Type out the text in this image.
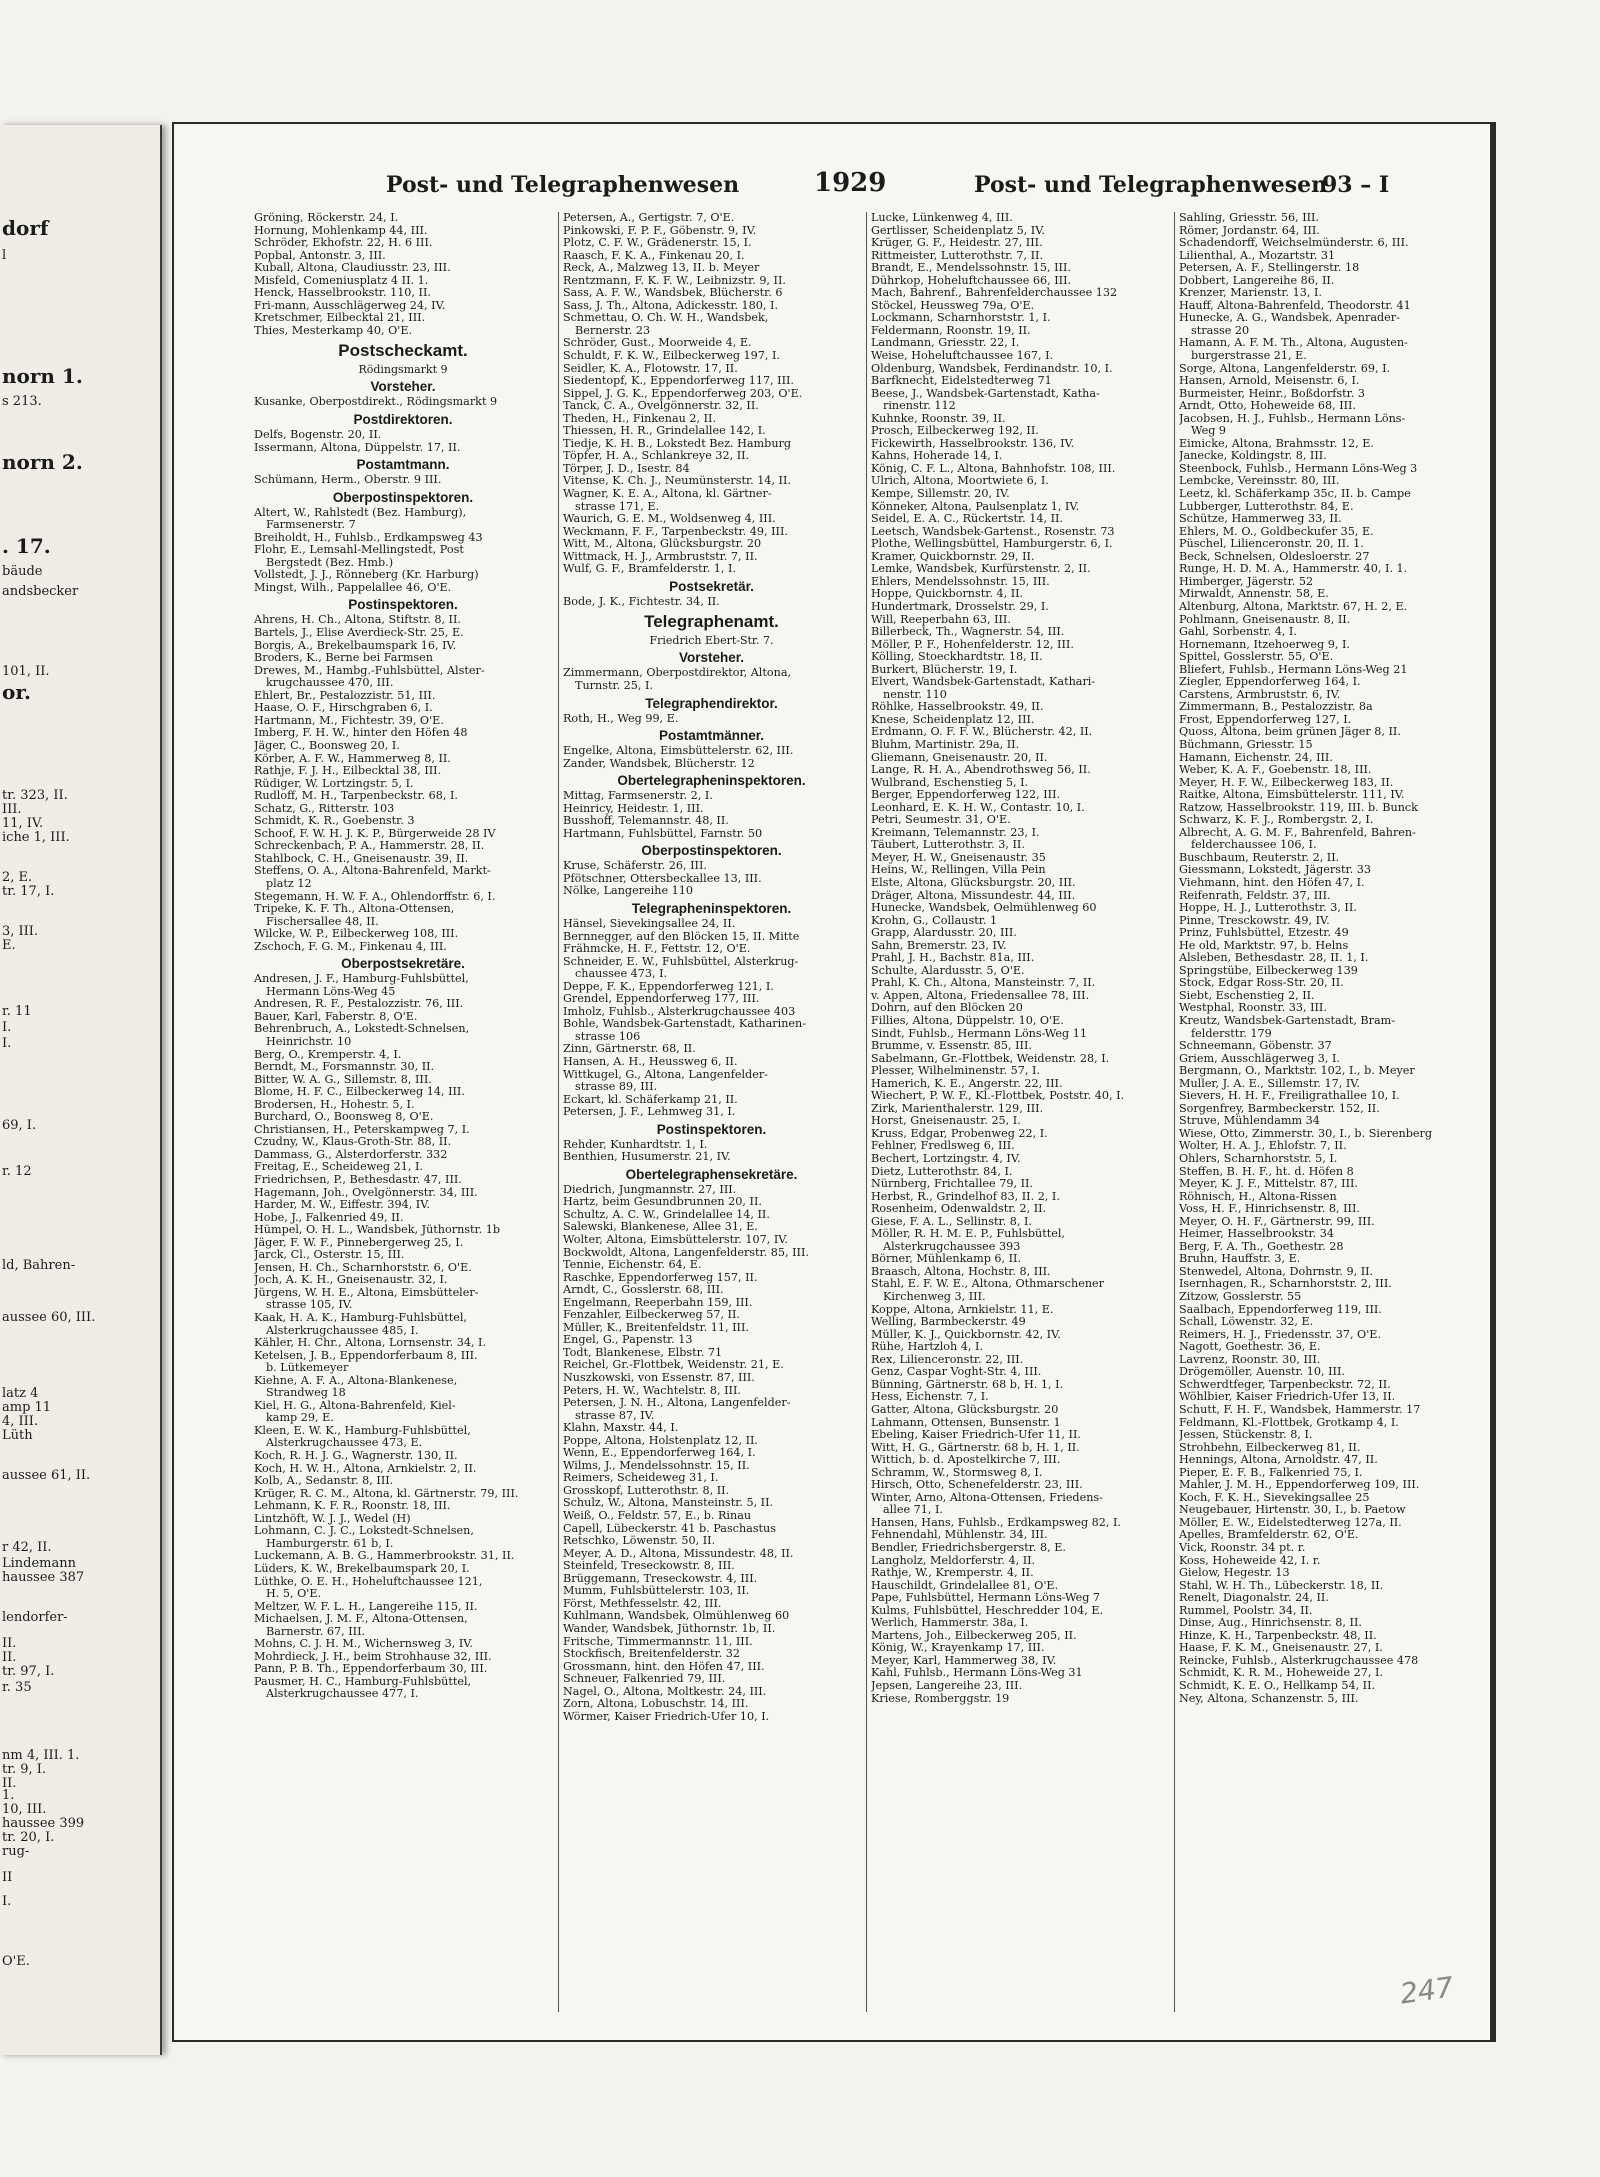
dorf
l
norn 1.
s 213.
norn 2.
. 17.
bäude
andsbecker
101, II.
or.
tr. 323, II.
III.
11, IV.
iche 1, III.
2, E.
tr. 17, I.
3, III.
E.
r. 11
I.
I.
69, I.
r. 12
ld, Bahren-
aussee 60, III.
latz 4
amp 11
4, III.
Lüth
aussee 61, II.
r 42, II.
Lindemann
haussee 387
lendorfer-
II.
II.
tr. 97, I.
r. 35
nm 4, III. 1.
tr. 9, I.
II.
1.
10, III.
haussee 399
tr. 20, I.
rug-
II
I.
O'E.
Post- und Telegraphenwesen	1929	Post- und Telegraphenwesen
93 – I
Gröning, Röckerstr. 24, I.
Hornung, Mohlenkamp 44, III.
Schröder, Ekhofstr. 22, H. 6 III.
Popbal, Antonstr. 3, III.
Kuball, Altona, Claudiusstr. 23, III.
Misfeld, Comeniusplatz 4 II. 1.
Henck, Hasselbrookstr. 110, II.
Fri-mann, Ausschlägerweg 24, IV.
Kretschmer, Eilbecktal 21, III.
Thies, Mesterkamp 40, O'E.
Postscheckamt.
Rödingsmarkt 9
Vorsteher.
Kusanke, Oberpostdirekt., Rödingsmarkt 9
Postdirektoren.
Delfs, Bogenstr. 20, II.
Issermann, Altona, Düppelstr. 17, II.
Postamtmann.
Schümann, Herm., Oberstr. 9 III.
Oberpostinspektoren.
Altert, W., Rahlstedt (Bez. Hamburg),
Farmsenerstr. 7
Breiholdt, H., Fuhlsb., Erdkampsweg 43
Flohr, E., Lemsahl-Mellingstedt, Post
Bergstedt (Bez. Hmb.)
Vollstedt, J. J., Rönneberg (Kr. Harburg)
Mingst, Wilh., Pappelallee 46, O'E.
Postinspektoren.
Ahrens, H. Ch., Altona, Stiftstr. 8, II.
Bartels, J., Elise Averdieck-Str. 25, E.
Borgis, A., Brekelbaumspark 16, IV.
Broders, K., Berne bei Farmsen
Drewes, M., Hambg.-Fuhlsbüttel, Alster-
krugchaussee 470, III.
Ehlert, Br., Pestalozzistr. 51, III.
Haase, O. F., Hirschgraben 6, I.
Hartmann, M., Fichtestr. 39, O'E.
Imberg, F. H. W., hinter den Höfen 48
Jäger, C., Boonsweg 20, I.
Körber, A. F. W., Hammerweg 8, II.
Rathje, F. J. H., Eilbecktal 38, III.
Rüdiger, W. Lortzingstr. 5, I.
Rudloff, M. H., Tarpenbeckstr. 68, I.
Schatz, G., Ritterstr. 103
Schmidt, K. R., Goebenstr. 3
Schoof, F. W. H. J. K. P., Bürgerweide 28 IV
Schreckenbach, P. A., Hammerstr. 28, II.
Stahlbock, C. H., Gneisenaustr. 39, II.
Steffens, O. A., Altona-Bahrenfeld, Markt-
platz 12
Stegemann, H. W. F. A., Ohlendorffstr. 6, I.
Tripeke, K. F. Th., Altona-Ottensen,
Fischersallee 48, II.
Wilcke, W. P., Eilbeckerweg 108, III.
Zschoch, F. G. M., Finkenau 4, III.
Oberpostsekretäre.
Andresen, J. F., Hamburg-Fuhlsbüttel,
Hermann Löns-Weg 45
Andresen, R. F., Pestalozzistr. 76, III.
Bauer, Karl, Faberstr. 8, O'E.
Behrenbruch, A., Lokstedt-Schnelsen,
Heinrichstr. 10
Berg, O., Kremperstr. 4, I.
Berndt, M., Forsmannstr. 30, II.
Bitter, W. A. G., Sillemstr. 8, III.
Blome, H. F. C., Eilbeckerweg 14, III.
Brodersen, H., Hohestr. 5, I.
Burchard, O., Boonsweg 8, O'E.
Christiansen, H., Peterskampweg 7, I.
Czudny, W., Klaus-Groth-Str. 88, II.
Dammass, G., Alsterdorferstr. 332
Freitag, E., Scheideweg 21, I.
Friedrichsen, P., Bethesdastr. 47, III.
Hagemann, Joh., Övelgönnerstr. 34, III.
Harder, M. W., Eiffestr. 394, IV.
Hobe, J., Falkenried 49, II.
Hümpel, O. H. L., Wandsbek, Jüthornstr. 1b
Jäger, F. W. F., Pinnebergerweg 25, I.
Jarck, Cl., Osterstr. 15, III.
Jensen, H. Ch., Scharnhorststr. 6, O'E.
Joch, A. K. H., Gneisenaustr. 32, I.
Jürgens, W. H. E., Altona, Eimsbütteler-
strasse 105, IV.
Kaak, H. A. K., Hamburg-Fuhlsbüttel,
Alsterkrugchaussee 485, I.
Kähler, H. Chr., Altona, Lornsenstr. 34, I.
Ketelsen, J. B., Eppendorferbaum 8, III.
b. Lütkemeyer
Kiehne, A. F. A., Altona-Blankenese,
Strandweg 18
Kiel, H. G., Altona-Bahrenfeld, Kiel-
kamp 29, E.
Kleen, E. W. K., Hamburg-Fuhlsbüttel,
Alsterkrugchaussee 473, E.
Koch, R. H. J. G., Wagnerstr. 130, II.
Koch, H. W. H., Altona, Arnkielstr. 2, II.
Kolb, A., Sedanstr. 8, III.
Krüger, R. C. M., Altona, kl. Gärtnerstr. 79, III.
Lehmann, K. F. R., Roonstr. 18, III.
Lintzhöft, W. J. J., Wedel (H)
Lohmann, C. J. C., Lokstedt-Schnelsen,
Hamburgerstr. 61 b, I.
Luckemann, A. B. G., Hammerbrookstr. 31, II.
Lüders, K. W., Brekelbaumspark 20, I.
Lüthke, O. E. H., Hoheluftchaussee 121,
H. 5, O'E.
Meltzer, W. F. L. H., Langereihe 115, II.
Michaelsen, J. M. F., Altona-Ottensen,
Barnerstr. 67, III.
Mohns, C. J. H. M., Wichernsweg 3, IV.
Mohrdieck, J. H., beim Strohhause 32, III.
Pann, P. B. Th., Eppendorferbaum 30, III.
Pausmer, H. C., Hamburg-Fuhlsbüttel,
Alsterkrugchaussee 477, I.
Petersen, A., Gertigstr. 7, O'E.
Pinkowski, F. P. F., Göbenstr. 9, IV.
Plotz, C. F. W., Grädenerstr. 15, I.
Raasch, F. K. A., Finkenau 20, I.
Reck, A., Malzweg 13, II. b. Meyer
Rentzmann, F. K. F. W., Leibnizstr. 9, II.
Sass, A. F. W., Wandsbek, Blücherstr. 6
Sass, J. Th., Altona, Adickesstr. 180, I.
Schmettau, O. Ch. W. H., Wandsbek,
Bernerstr. 23
Schröder, Gust., Moorweide 4, E.
Schuldt, F. K. W., Eilbeckerweg 197, I.
Seidler, K. A., Flotowstr. 17, II.
Siedentopf, K., Eppendorferweg 117, III.
Sippel, J. G. K., Eppendorferweg 203, O'E.
Tanck, C. A., Övelgönnerstr. 32, II.
Theden, H., Finkenau 2, II.
Thiessen, H. R., Grindelallee 142, I.
Tiedje, K. H. B., Lokstedt Bez. Hamburg
Töpfer, H. A., Schlankreye 32, II.
Törper, J. D., Isestr. 84
Vitense, K. Ch. J., Neumünsterstr. 14, II.
Wagner, K. E. A., Altona, kl. Gärtner-
strasse 171, E.
Waurich, G. E. M., Woldsenweg 4, III.
Weckmann, F. F., Tarpenbeckstr. 49, III.
Witt, M., Altona, Glücksburgstr. 20
Wittmack, H. J., Armbruststr. 7, II.
Wulf, G. F., Bramfelderstr. 1, I.
Postsekretär.
Bode, J. K., Fichtestr. 34, II.
Telegraphenamt.
Friedrich Ebert-Str. 7.
Vorsteher.
Zimmermann, Oberpostdirektor, Altona,
Turnstr. 25, I.
Telegraphendirektor.
Roth, H., Weg 99, E.
Postamtmänner.
Engelke, Altona, Eimsbüttelerstr. 62, III.
Zander, Wandsbek, Blücherstr. 12
Obertelegrapheninspektoren.
Mittag, Farmsenerstr. 2, I.
Heinricy, Heidestr. 1, III.
Busshoff, Telemannstr. 48, II.
Hartmann, Fuhlsbüttel, Farnstr. 50
Oberpostinspektoren.
Kruse, Schäferstr. 26, III.
Pfötschner, Ottersbeckallee 13, III.
Nölke, Langereihe 110
Telegrapheninspektoren.
Hänsel, Sievekingsallee 24, II.
Bernnegger, auf den Blöcken 15, II. Mitte
Frähmcke, H. F., Fettstr. 12, O'E.
Schneider, E. W., Fuhlsbüttel, Alsterkrug-
chaussee 473, I.
Deppe, F. K., Eppendorferweg 121, I.
Grendel, Eppendorferweg 177, III.
Imholz, Fuhlsb., Alsterkrugchaussee 403
Bohle, Wandsbek-Gartenstadt, Katharinen-
strasse 106
Zinn, Gärtnerstr. 68, II.
Hansen, A. H., Heussweg 6, II.
Wittkugel, G., Altona, Langenfelder-
strasse 89, III.
Eckart, kl. Schäferkamp 21, II.
Petersen, J. F., Lehmweg 31, I.
Postinspektoren.
Rehder, Kunhardtstr. 1, I.
Benthien, Husumerstr. 21, IV.
Obertelegraphensekretäre.
Diedrich, Jungmannstr. 27, III.
Hartz, beim Gesundbrunnen 20, II.
Schultz, A. C. W., Grindelallee 14, II.
Salewski, Blankenese, Allee 31, E.
Wolter, Altona, Eimsbüttelerstr. 107, IV.
Bockwoldt, Altona, Langenfelderstr. 85, III.
Tennie, Eichenstr. 64, E.
Raschke, Eppendorferweg 157, II.
Arndt, C., Gosslerstr. 68, III.
Engelmann, Reeperbahn 159, III.
Fenzahler, Eilbeckerweg 57, II.
Müller, K., Breitenfeldstr. 11, III.
Engel, G., Papenstr. 13
Todt, Blankenese, Elbstr. 71
Reichel, Gr.-Flottbek, Weidenstr. 21, E.
Nuszkowski, von Essenstr. 87, III.
Peters, H. W., Wachtelstr. 8, III.
Petersen, J. N. H., Altona, Langenfelder-
strasse 87, IV.
Klahn, Maxstr. 44, I.
Poppe, Altona, Holstenplatz 12, II.
Wenn, E., Eppendorferweg 164, I.
Wilms, J., Mendelssohnstr. 15, II.
Reimers, Scheideweg 31, I.
Grosskopf, Lutterothstr. 8, II.
Schulz, W., Altona, Mansteinstr. 5, II.
Weiß, O., Feldstr. 57, E., b. Rinau
Capell, Lübeckerstr. 41 b. Paschastus
Retschko, Löwenstr. 50, II.
Meyer, A. D., Altona, Missundestr. 48, II.
Steinfeld, Treseckowstr. 8, III.
Brüggemann, Treseckowstr. 4, III.
Mumm, Fuhlsbüttelerstr. 103, II.
Först, Methfesselstr. 42, III.
Kuhlmann, Wandsbek, Olmühlenweg 60
Wander, Wandsbek, Jüthornstr. 1b, II.
Fritsche, Timmermannstr. 11, III.
Stockfisch, Breitenfelderstr. 32
Grossmann, hint. den Höfen 47, III.
Schneuer, Falkenried 79, III.
Nagel, O., Altona, Moltkestr. 24, III.
Zorn, Altona, Lobuschstr. 14, III.
Wörmer, Kaiser Friedrich-Ufer 10, I.
Lucke, Lünkenweg 4, III.
Gertlisser, Scheidenplatz 5, IV.
Krüger, G. F., Heidestr. 27, III.
Rittmeister, Lutterothstr. 7, II.
Brandt, E., Mendelssohnstr. 15, III.
Dührkop, Hoheluftchaussee 66, III.
Mach, Bahrenf., Bahrenfelderchaussee 132
Stöckel, Heussweg 79a, O'E.
Lockmann, Scharnhorststr. 1, I.
Feldermann, Roonstr. 19, II.
Landmann, Griesstr. 22, I.
Weise, Hoheluftchaussee 167, I.
Oldenburg, Wandsbek, Ferdinandstr. 10, I.
Barfknecht, Eidelstedterweg 71
Beese, J., Wandsbek-Gartenstadt, Katha-
rinenstr. 112
Kuhnke, Roonstr. 39, II.
Prosch, Eilbeckerweg 192, II.
Fickewirth, Hasselbrookstr. 136, IV.
Kahns, Hoherade 14, I.
König, C. F. L., Altona, Bahnhofstr. 108, III.
Ulrich, Altona, Moortwiete 6, I.
Kempe, Sillemstr. 20, IV.
Könneker, Altona, Paulsenplatz 1, IV.
Seidel, E. A. C., Rückertstr. 14, II.
Leetsch, Wandsbek-Gartenst., Rosenstr. 73
Plothe, Wellingsbüttel, Hamburgerstr. 6, I.
Kramer, Quickbornstr. 29, II.
Lemke, Wandsbek, Kurfürstenstr. 2, II.
Ehlers, Mendelssohnstr. 15, III.
Hoppe, Quickbornstr. 4, II.
Hundertmark, Drosselstr. 29, I.
Will, Reeperbahn 63, III.
Billerbeck, Th., Wagnerstr. 54, III.
Möller, P. F., Hohenfelderstr. 12, III.
Kölling, Stoeckhardtstr. 18, II.
Burkert, Blücherstr. 19, I.
Elvert, Wandsbek-Gartenstadt, Kathari-
nenstr. 110
Röhlke, Hasselbrookstr. 49, II.
Knese, Scheidenplatz 12, III.
Erdmann, O. F. F. W., Blücherstr. 42, II.
Bluhm, Martinistr. 29a, II.
Gliemann, Gneisenaustr. 20, II.
Lange, R. H. A., Abendrothsweg 56, II.
Wulbrand, Eschenstieg 5, I.
Berger, Eppendorferweg 122, III.
Leonhard, E. K. H. W., Contastr. 10, I.
Petri, Seumestr. 31, O'E.
Kreimann, Telemannstr. 23, I.
Täubert, Lutterothstr. 3, II.
Meyer, H. W., Gneisenaustr. 35
Heins, W., Rellingen, Villa Pein
Elste, Altona, Glücksburgstr. 20, III.
Dräger, Altona, Missundestr. 44, III.
Hunecke, Wandsbek, Oelmühlenweg 60
Krohn, G., Collaustr. 1
Grapp, Alardusstr. 20, III.
Sahn, Bremerstr. 23, IV.
Prahl, J. H., Bachstr. 81a, III.
Schulte, Alardusstr. 5, O'E.
Prahl, K. Ch., Altona, Mansteinstr. 7, II.
v. Appen, Altona, Friedensallee 78, III.
Dohrn, auf den Blöcken 20
Fillies, Altona, Düppelstr. 10, O'E.
Sindt, Fuhlsb., Hermann Löns-Weg 11
Brumme, v. Essenstr. 85, III.
Sabelmann, Gr.-Flottbek, Weidenstr. 28, I.
Plesser, Wilhelminenstr. 57, I.
Hamerich, K. E., Angerstr. 22, III.
Wiechert, P. W. F., Kl.-Flottbek, Poststr. 40, I.
Zirk, Marienthalerstr. 129, III.
Horst, Gneisenaustr. 25, I.
Kruss, Edgar, Probenweg 22, I.
Fehlner, Fredlsweg 6, III.
Bechert, Lortzingstr. 4, IV.
Dietz, Lutterothstr. 84, I.
Nürnberg, Frichtallee 79, II.
Herbst, R., Grindelhof 83, II. 2, I.
Rosenheim, Odenwaldstr. 2, II.
Giese, F. A. L., Sellinstr. 8, I.
Möller, R. H. M. E. P., Fuhlsbüttel,
Alsterkrugchaussee 393
Börner, Mühlenkamp 6, II.
Braasch, Altona, Hochstr. 8, III.
Stahl, E. F. W. E., Altona, Othmarschener
Kirchenweg 3, III.
Koppe, Altona, Arnkielstr. 11, E.
Welling, Barmbeckerstr. 49
Müller, K. J., Quickbornstr. 42, IV.
Rühe, Hartzloh 4, I.
Rex, Lilienceronstr. 22, III.
Genz, Caspar Voght-Str. 4, III.
Bünning, Gärtnerstr. 68 b, H. 1, I.
Hess, Eichenstr. 7, I.
Gatter, Altona, Glücksburgstr. 20
Lahmann, Ottensen, Bunsenstr. 1
Ebeling, Kaiser Friedrich-Ufer 11, II.
Witt, H. G., Gärtnerstr. 68 b, H. 1, II.
Wittich, b. d. Apostelkirche 7, III.
Schramm, W., Stormsweg 8, I.
Hirsch, Otto, Schenefelderstr. 23, III.
Winter, Arno, Altona-Ottensen, Friedens-
allee 71, I.
Hansen, Hans, Fuhlsb., Erdkampsweg 82, I.
Fehnendahl, Mühlenstr. 34, III.
Bendler, Friedrichsbergerstr. 8, E.
Langholz, Meldorferstr. 4, II.
Rathje, W., Kremperstr. 4, II.
Hauschildt, Grindelallee 81, O'E.
Pape, Fuhlsbüttel, Hermann Löns-Weg 7
Kulms, Fuhlsbüttel, Heschredder 104, E.
Werlich, Hammerstr. 38a, I.
Martens, Joh., Eilbeckerweg 205, II.
König, W., Krayenkamp 17, III.
Meyer, Karl, Hammerweg 38, IV.
Kahl, Fuhlsb., Hermann Löns-Weg 31
Jepsen, Langereihe 23, III.
Kriese, Romberggstr. 19
Sahling, Griesstr. 56, III.
Römer, Jordanstr. 64, III.
Schadendorff, Weichselmünderstr. 6, III.
Lilienthal, A., Mozartstr. 31
Petersen, A. F., Stellingerstr. 18
Dobbert, Langereihe 86, II.
Krenzer, Marienstr. 13, I.
Hauff, Altona-Bahrenfeld, Theodorstr. 41
Hunecke, A. G., Wandsbek, Apenrader-
strasse 20
Hamann, A. F. M. Th., Altona, Augusten-
burgerstrasse 21, E.
Sorge, Altona, Langenfelderstr. 69, I.
Hansen, Arnold, Meisenstr. 6, I.
Burmeister, Heinr., Boßdorfstr. 3
Arndt, Otto, Hoheweide 68, III.
Jacobsen, H. J., Fuhlsb., Hermann Löns-
Weg 9
Eimicke, Altona, Brahmsstr. 12, E.
Janecke, Koldingstr. 8, III.
Steenbock, Fuhlsb., Hermann Löns-Weg 3
Lembcke, Vereinsstr. 80, III.
Leetz, kl. Schäferkamp 35c, II. b. Campe
Lubberger, Lutterothstr. 84, E.
Schütze, Hammerweg 33, II.
Ehlers, M. O., Goldbeckufer 35, E.
Püschel, Lilienceronstr. 20, II. 1.
Beck, Schnelsen, Oldesloerstr. 27
Runge, H. D. M. A., Hammerstr. 40, I. 1.
Himberger, Jägerstr. 52
Mirwaldt, Annenstr. 58, E.
Altenburg, Altona, Marktstr. 67, H. 2, E.
Pohlmann, Gneisenaustr. 8, II.
Gahl, Sorbenstr. 4, I.
Hornemann, Itzehoerweg 9, I.
Spittel, Gosslerstr. 55, O'E.
Bliefert, Fuhlsb., Hermann Löns-Weg 21
Ziegler, Eppendorferweg 164, I.
Carstens, Armbruststr. 6, IV.
Zimmermann, B., Pestalozzistr. 8a
Frost, Eppendorferweg 127, I.
Quoss, Altona, beim grünen Jäger 8, II.
Büchmann, Griesstr. 15
Hamann, Eichenstr. 24, III.
Weber, K. A. F., Goebenstr. 18, III.
Meyer, H. F. W., Eilbeckerweg 183, II.
Raitke, Altona, Eimsbüttelerstr. 111, IV.
Ratzow, Hasselbrookstr. 119, III. b. Bunck
Schwarz, K. F. J., Rombergstr. 2, I.
Albrecht, A. G. M. F., Bahrenfeld, Bahren-
felderchaussee 106, I.
Buschbaum, Reuterstr. 2, II.
Giessmann, Lokstedt, Jägerstr. 33
Viehmann, hint. den Höfen 47, I.
Reifenrath, Feldstr. 37, III.
Hoppe, H. J., Lutterothstr. 3, II.
Pinne, Tresckowstr. 49, IV.
Prinz, Fuhlsbüttel, Etzestr. 49
He old, Marktstr. 97, b. Helns
Alsleben, Bethesdastr. 28, II. 1, I.
Springstübe, Eilbeckerweg 139
Stock, Edgar Ross-Str. 20, II.
Siebt, Eschenstieg 2, II.
Westphal, Roonstr. 33, III.
Kreutz, Wandsbek-Gartenstadt, Bram-
feldersttr. 179
Schneemann, Göbenstr. 37
Griem, Ausschlägerweg 3, I.
Bergmann, O., Marktstr. 102, I., b. Meyer
Muller, J. A. E., Sillemstr. 17, IV.
Sievers, H. H. F., Freiligrathallee 10, I.
Sorgenfrey, Barmbeckerstr. 152, II.
Struve, Mühlendamm 34
Wiese, Otto, Zimmerstr. 30, I., b. Sierenberg
Wolter, H. A. J., Ehlofstr. 7, II.
Öhlers, Scharnhorststr. 5, I.
Steffen, B. H. F., ht. d. Höfen 8
Meyer, K. J. F., Mittelstr. 87, III.
Röhnisch, H., Altona-Rissen
Voss, H. F., Hinrichsenstr. 8, III.
Meyer, O. H. F., Gärtnerstr. 99, III.
Heimer, Hasselbrookstr. 34
Berg, F. A. Th., Goethestr. 28
Bruhn, Hauffstr. 3, E.
Stenwedel, Altona, Dohrnstr. 9, II.
Isernhagen, R., Scharnhorststr. 2, III.
Zitzow, Gosslerstr. 55
Saalbach, Eppendorferweg 119, III.
Schall, Löwenstr. 32, E.
Reimers, H. J., Friedensstr. 37, O'E.
Nagott, Goethestr. 36, E.
Lavrenz, Roonstr. 30, III.
Drögemöller, Auenstr. 10, III.
Schwerdtfeger, Tarpenbeckstr. 72, II.
Wöhlbier, Kaiser Friedrich-Ufer 13, II.
Schutt, F. H. F., Wandsbek, Hammerstr. 17
Feldmann, Kl.-Flottbek, Grotkamp 4, I.
Jessen, Stückenstr. 8, I.
Strohbehn, Eilbeckerweg 81, II.
Hennings, Altona, Arnoldstr. 47, II.
Pieper, E. F. B., Falkenried 75, I.
Mahler, J. M. H., Eppendorferweg 109, III.
Koch, F. K. H., Sievekingsallee 25
Neugebauer, Hirtenstr. 30, I., b. Paetow
Möller, E. W., Eidelstedterweg 127a, II.
Apelles, Bramfelderstr. 62, O'E.
Vick, Roonstr. 34 pt. r.
Koss, Hoheweide 42, I. r.
Gielow, Hegestr. 13
Stahl, W. H. Th., Lübeckerstr. 18, II.
Renelt, Diagonalstr. 24, II.
Rummel, Poolstr. 34, II.
Dinse, Aug., Hinrichsenstr. 8, II.
Hinze, K. H., Tarpenbeckstr. 48, II.
Haase, F. K. M., Gneisenaustr. 27, I.
Reincke, Fuhlsb., Alsterkrugchaussee 478
Schmidt, K. R. M., Hoheweide 27, I.
Schmidt, K. E. O., Hellkamp 54, II.
Ney, Altona, Schanzenstr. 5, III.
247
